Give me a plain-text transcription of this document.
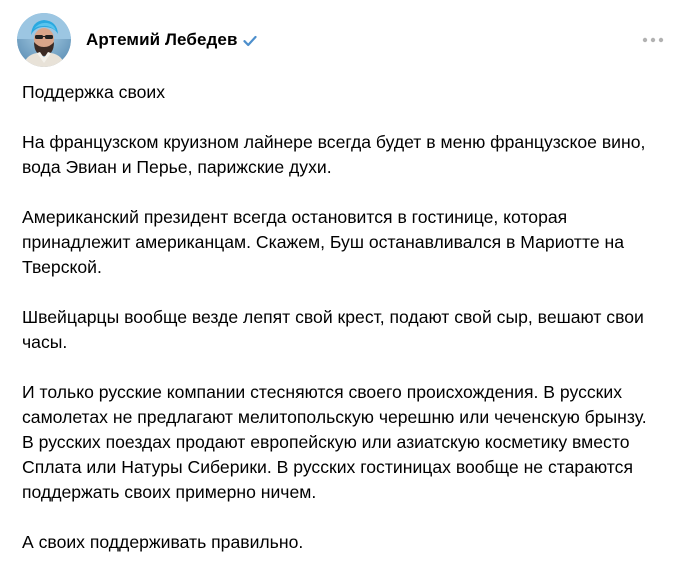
Артемий Лебедев

Поддержка своих

На французском круизном лайнере всегда будет в меню французское вино,
вода Эвиан и Перье, парижские духи.

Американский президент всегда остановится в гостинице, которая
принадлежит американцам. Скажем, Буш останавливался в Мариотте на
Тверской.

Швейцарцы вообще везде лепят свой крест, подают свой сыр, вешают свои
часы.

И только русские компании стесняются своего происхождения. В русских
самолетах не предлагают мелитопольскую черешню или чеченскую брынзу.
В русских поездах продают европейскую или азиатскую косметику вместо
Сплата или Натуры Сиберики. В русских гостиницах вообще не стараются
поддержать своих примерно ничем.

А своих поддерживать правильно.
